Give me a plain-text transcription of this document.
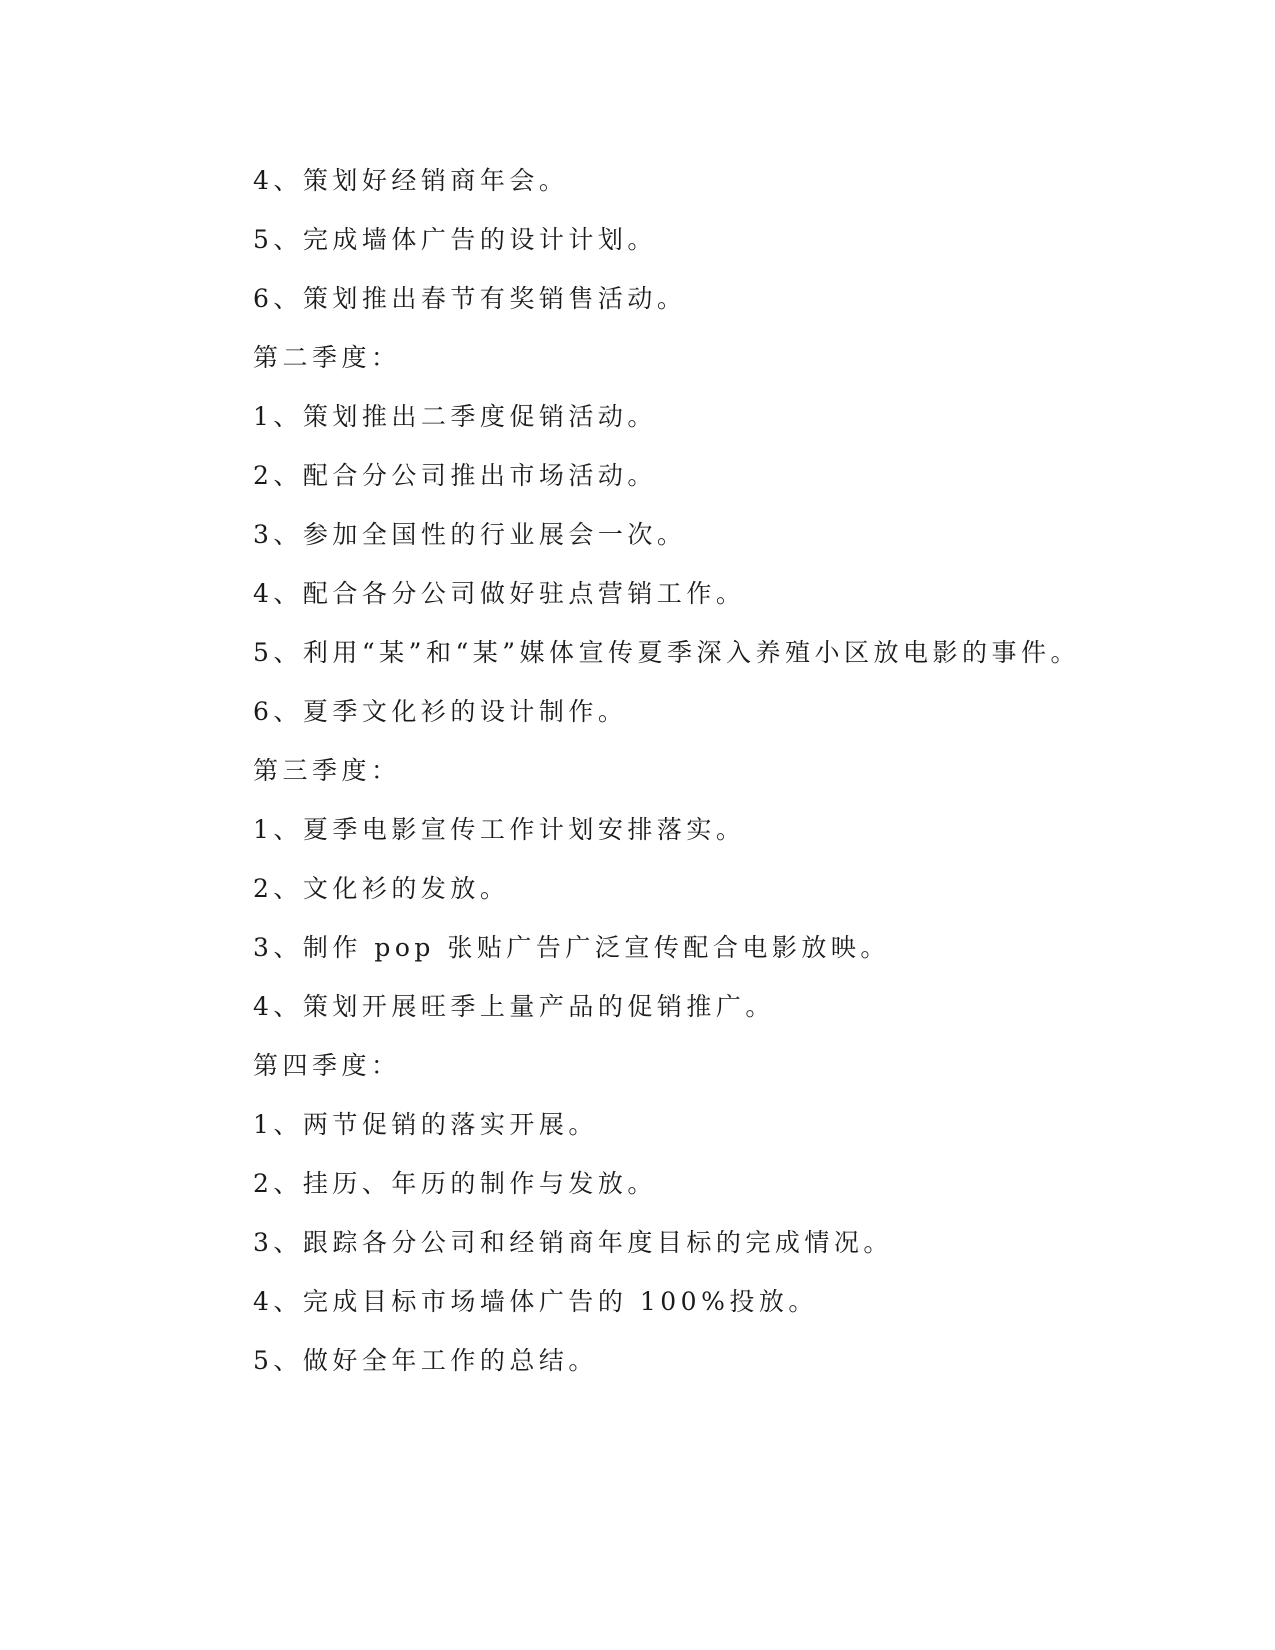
4、策划好经销商年会。
5、完成墙体广告的设计计划。
6、策划推出春节有奖销售活动。
第二季度：
1、策划推出二季度促销活动。
2、配合分公司推出市场活动。
3、参加全国性的行业展会一次。
4、配合各分公司做好驻点营销工作。
5、利用“某”和“某”媒体宣传夏季深入养殖小区放电影的事件。
6、夏季文化衫的设计制作。
第三季度：
1、夏季电影宣传工作计划安排落实。
2、文化衫的发放。
3、制作 pop 张贴广告广泛宣传配合电影放映。
4、策划开展旺季上量产品的促销推广。
第四季度：
1、两节促销的落实开展。
2、挂历、年历的制作与发放。
3、跟踪各分公司和经销商年度目标的完成情况。
4、完成目标市场墙体广告的 100%投放。
5、做好全年工作的总结。
